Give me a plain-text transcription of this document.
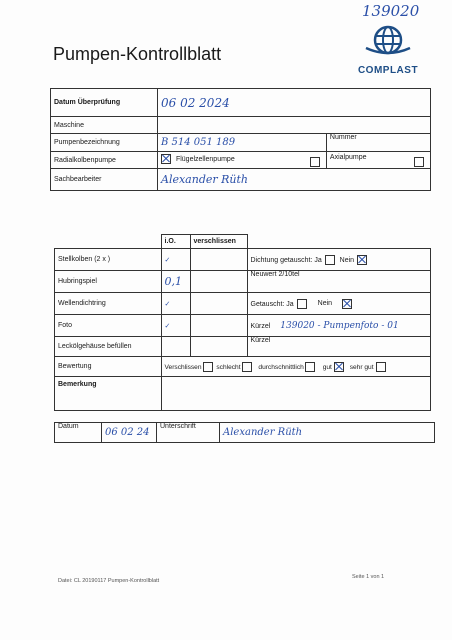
139020
Pumpen-Kontrollblatt
COMPLAST
Datum Überprüfung	06 02 2024	
Maschine		
Pumpenbezeichnung	B 514 051 189	Nummer
Radialkolbenpumpe	Flügelzellenpumpe	Axialpumpe

Sachbearbeiter	Alexander Rüth	
	i.O.	verschlissen	
Stellkolben (2 x )	✓		Dichtung getauscht: Ja Nein
Hubringspiel	0,1		Neuwert 2/10tel
Wellendichtring	✓		Getauscht: Ja Nein
Foto	✓		Kürzel 139020 - Pumpenfoto - 01
Leckölgehäuse befüllen			Kürzel
Bewertung	Verschlissen schlecht durchschnittlich gut sehr gut		
Bemerkung			
Datum	06 02 24	Unterschrift	Alexander Rüth
Datei: CL 20190117 Pumpen-Kontrollblatt
Seite 1 von 1
